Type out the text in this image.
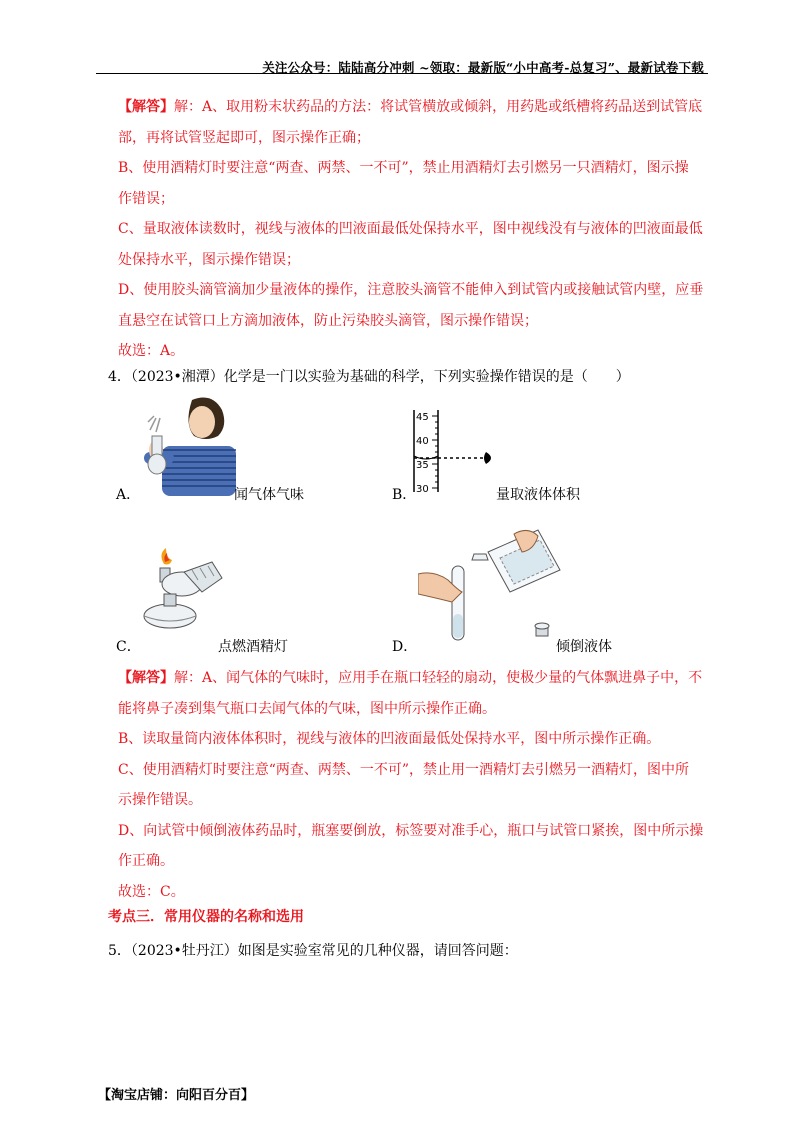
关注公众号：陆陆高分冲刺 ~领取：最新版“小中高考-总复习”、最新试卷下载

【解答】解：A、取用粉末状药品的方法：将试管横放或倾斜，用药匙或纸槽将药品送到试管底

部，再将试管竖起即可，图示操作正确；

B、使用酒精灯时要注意“两查、两禁、一不可”，禁止用酒精灯去引燃另一只酒精灯，图示操

作错误；

C、量取液体读数时，视线与液体的凹液面最低处保持水平，图中视线没有与液体的凹液面最低

处保持水平，图示操作错误；

D、使用胶头滴管滴加少量液体的操作，注意胶头滴管不能伸入到试管内或接触试管内壁，应垂

直悬空在试管口上方滴加液体，防止污染胶头滴管，图示操作错误；

故选：A。

4．（2023•湘潭）化学是一门以实验为基础的科学，下列实验操作错误的是（　　）
A．	闻气体气味
45
40
35
30
B．	量取液体体积
C．	点燃酒精灯	D．	倾倒液体

【解答】解：A、闻气体的气味时，应用手在瓶口轻轻的扇动，使极少量的气体飘进鼻子中，不

能将鼻子凑到集气瓶口去闻气体的气味，图中所示操作正确。

B、读取量筒内液体体积时，视线与液体的凹液面最低处保持水平，图中所示操作正确。

C、使用酒精灯时要注意“两查、两禁、一不可”，禁止用一酒精灯去引燃另一酒精灯，图中所

示操作错误。

D、向试管中倾倒液体药品时，瓶塞要倒放，标签要对准手心，瓶口与试管口紧挨，图中所示操

作正确。

故选：C。

考点三．常用仪器的名称和选用
5．（2023•牡丹江）如图是实验室常见的几种仪器，请回答问题：
【淘宝店铺：向阳百分百】
